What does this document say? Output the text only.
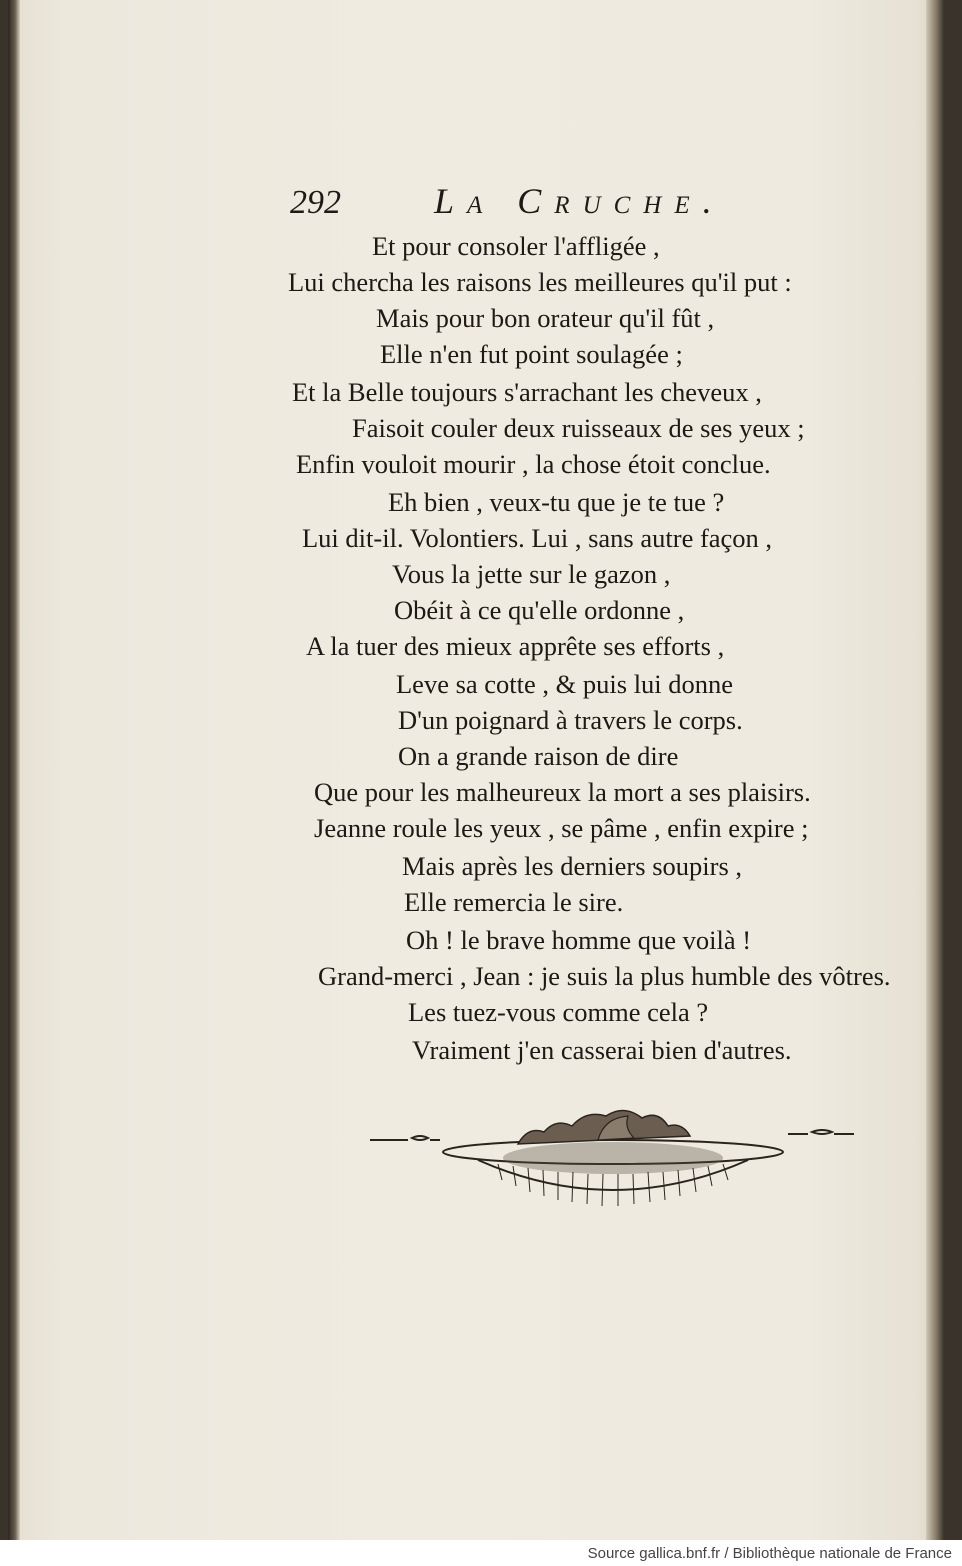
292	La Cruche.
Et pour consoler l'affligée ,
Lui chercha les raisons les meilleures qu'il put :
Mais pour bon orateur qu'il fût ,
Elle n'en fut point soulagée ;
Et la Belle toujours s'arrachant les cheveux ,
Faisoit couler deux ruisseaux de ses yeux ;
Enfin vouloit mourir , la chose étoit conclue.
Eh bien , veux-tu que je te tue ?
Lui dit-il. Volontiers. Lui , sans autre façon ,
Vous la jette sur le gazon ,
Obéit à ce qu'elle ordonne ,
A la tuer des mieux apprête ses efforts ,
Leve sa cotte , & puis lui donne
D'un poignard à travers le corps.
On a grande raison de dire
Que pour les malheureux la mort a ses plaisirs.
Jeanne roule les yeux , se pâme , enfin expire ;
Mais après les derniers soupirs ,
Elle remercia le sire.
Oh ! le brave homme que voilà !
Grand-merci , Jean : je suis la plus humble des vôtres.
Les tuez-vous comme cela ?
Vraiment j'en casserai bien d'autres.
Source gallica.bnf.fr / Bibliothèque nationale de France
